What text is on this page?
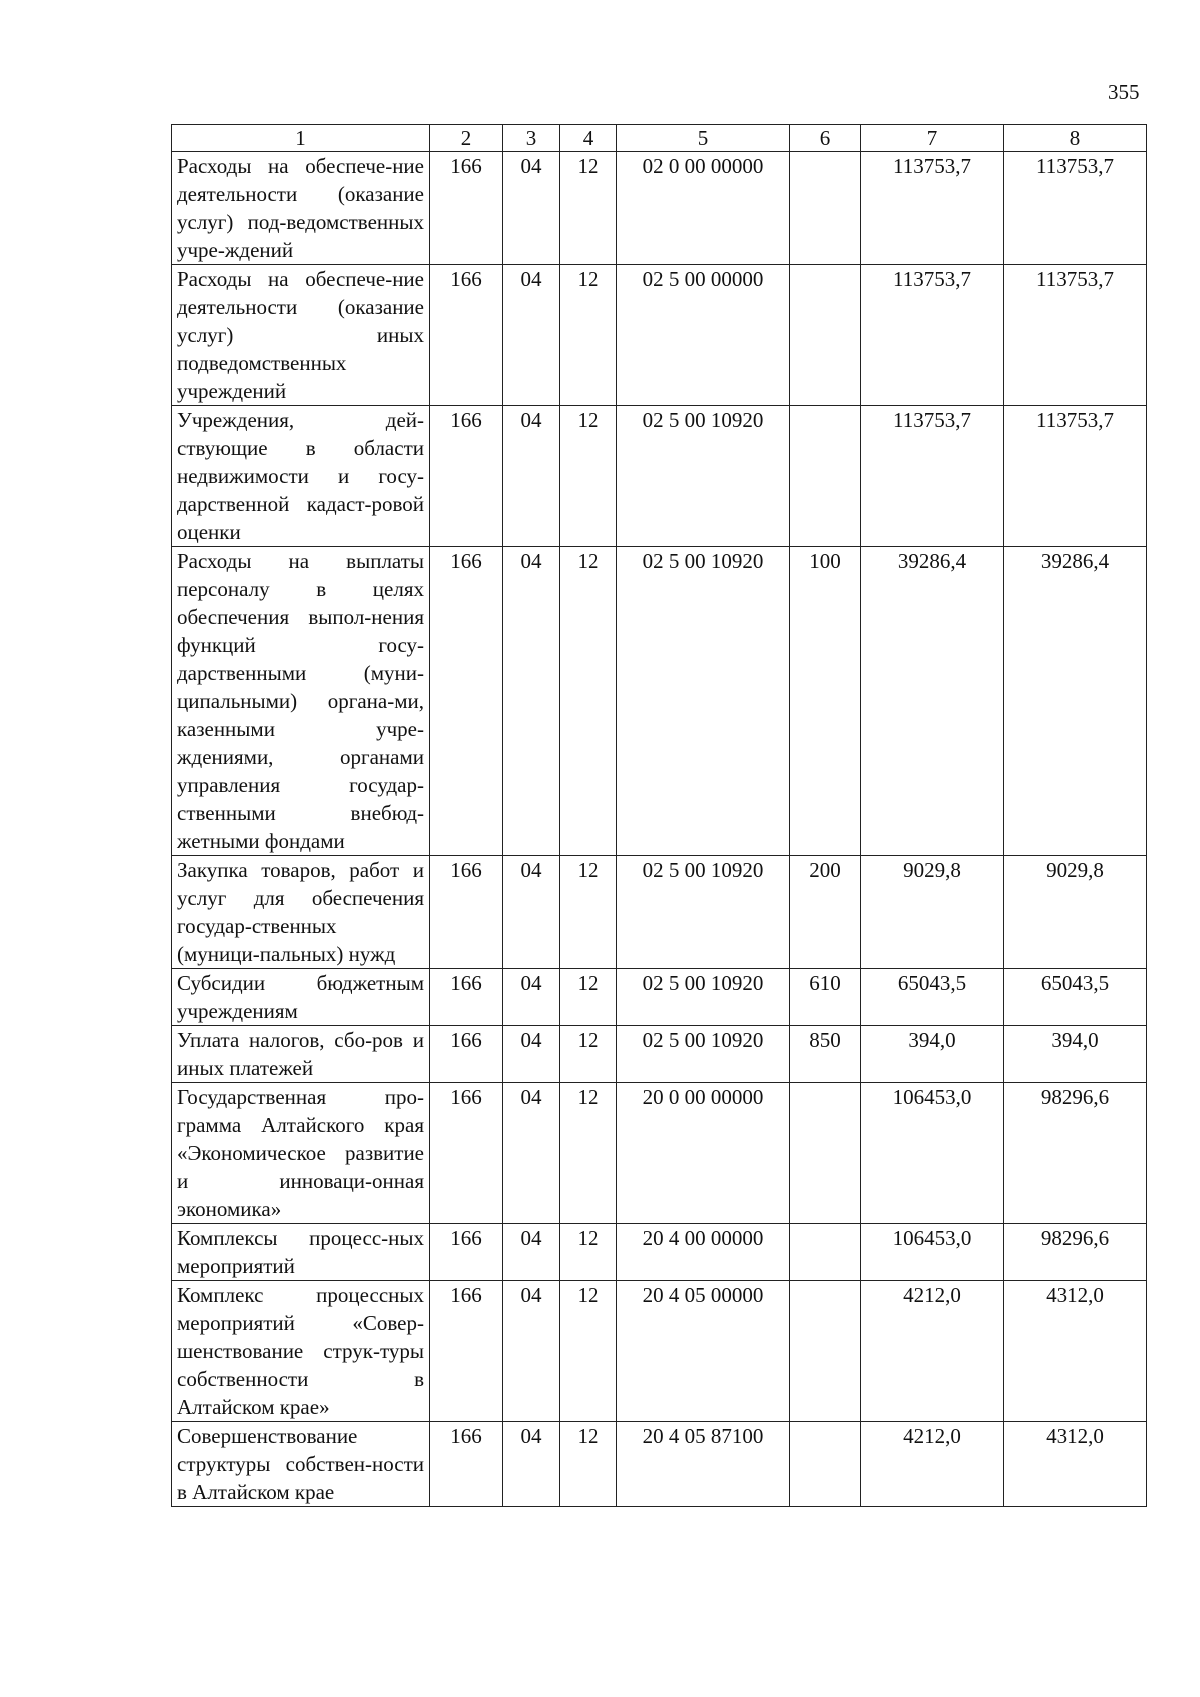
355
1	2	3	4	5	6	7	8
Расходы на обеспече-ние деятельности (оказание услуг) под-ведомственных учре-ждений	166	04	12	02 0 00 00000		113753,7	113753,7
Расходы на обеспече-ние деятельности (оказание услуг) иных подведомственных учреждений	166	04	12	02 5 00 00000		113753,7	113753,7
Учреждения, дей-ствующие в области недвижимости и госу-дарственной кадаст-ровой оценки	166	04	12	02 5 00 10920		113753,7	113753,7
Расходы на выплаты персоналу в целях обеспечения выпол-нения функций госу-дарственными (муни-ципальными) органа-ми, казенными учре-ждениями, органами управления государ-ственными внебюд-жетными фондами	166	04	12	02 5 00 10920	100	39286,4	39286,4
Закупка товаров, работ и услуг для обеспечения государ-ственных (муници-пальных) нужд	166	04	12	02 5 00 10920	200	9029,8	9029,8
Субсидии бюджетным учреждениям	166	04	12	02 5 00 10920	610	65043,5	65043,5
Уплата налогов, сбо-ров и иных платежей	166	04	12	02 5 00 10920	850	394,0	394,0
Государственная про-грамма Алтайского края «Экономическое развитие и инноваци-онная экономика»	166	04	12	20 0 00 00000		106453,0	98296,6
Комплексы процесс-ных мероприятий	166	04	12	20 4 00 00000		106453,0	98296,6
Комплекс процессных мероприятий «Совер-шенствование струк-туры собственности в Алтайском крае»	166	04	12	20 4 05 00000		4212,0	4312,0
Совершенствование структуры собствен-ности в Алтайском крае	166	04	12	20 4 05 87100		4212,0	4312,0
